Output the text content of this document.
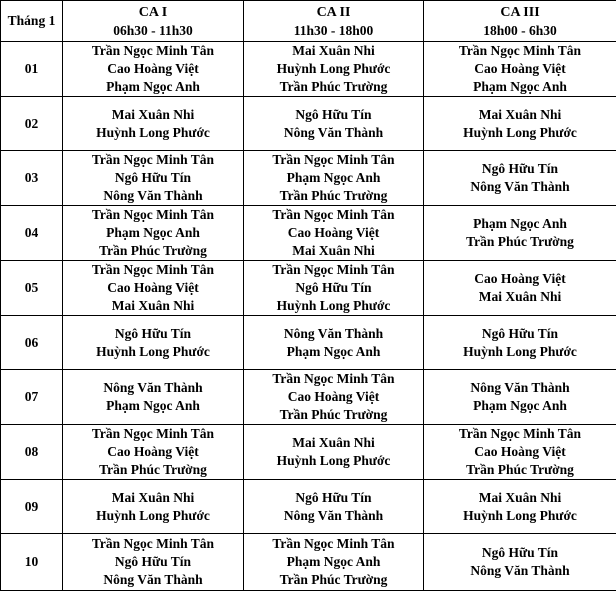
Tháng 1	CA I
06h30 - 11h30	CA II
11h30 - 18h00	CA III
18h00 - 6h30

01	Trần Ngọc Minh Tân
Cao Hoàng Việt
Phạm Ngọc Anh	Mai Xuân Nhi
Huỳnh Long Phước
Trần Phúc Trường	Trần Ngọc Minh Tân
Cao Hoàng Việt
Phạm Ngọc Anh

02	Mai Xuân Nhi
Huỳnh Long Phước	Ngô Hữu Tín
Nông Văn Thành	Mai Xuân Nhi
Huỳnh Long Phước

03	Trần Ngọc Minh Tân
Ngô Hữu Tín
Nông Văn Thành	Trần Ngọc Minh Tân
Phạm Ngọc Anh
Trần Phúc Trường	Ngô Hữu Tín
Nông Văn Thành

04	Trần Ngọc Minh Tân
Phạm Ngọc Anh
Trần Phúc Trường	Trần Ngọc Minh Tân
Cao Hoàng Việt
Mai Xuân Nhi	Phạm Ngọc Anh
Trần Phúc Trường

05	Trần Ngọc Minh Tân
Cao Hoàng Việt
Mai Xuân Nhi	Trần Ngọc Minh Tân
Ngô Hữu Tín
Huỳnh Long Phước	Cao Hoàng Việt
Mai Xuân Nhi

06	Ngô Hữu Tín
Huỳnh Long Phước	Nông Văn Thành
Phạm Ngọc Anh	Ngô Hữu Tín
Huỳnh Long Phước

07	Nông Văn Thành
Phạm Ngọc Anh	Trần Ngọc Minh Tân
Cao Hoàng Việt
Trần Phúc Trường	Nông Văn Thành
Phạm Ngọc Anh

08	Trần Ngọc Minh Tân
Cao Hoàng Việt
Trần Phúc Trường	Mai Xuân Nhi
Huỳnh Long Phước	Trần Ngọc Minh Tân
Cao Hoàng Việt
Trần Phúc Trường

09	Mai Xuân Nhi
Huỳnh Long Phước	Ngô Hữu Tín
Nông Văn Thành	Mai Xuân Nhi
Huỳnh Long Phước

10	Trần Ngọc Minh Tân
Ngô Hữu Tín
Nông Văn Thành	Trần Ngọc Minh Tân
Phạm Ngọc Anh
Trần Phúc Trường	Ngô Hữu Tín
Nông Văn Thành
